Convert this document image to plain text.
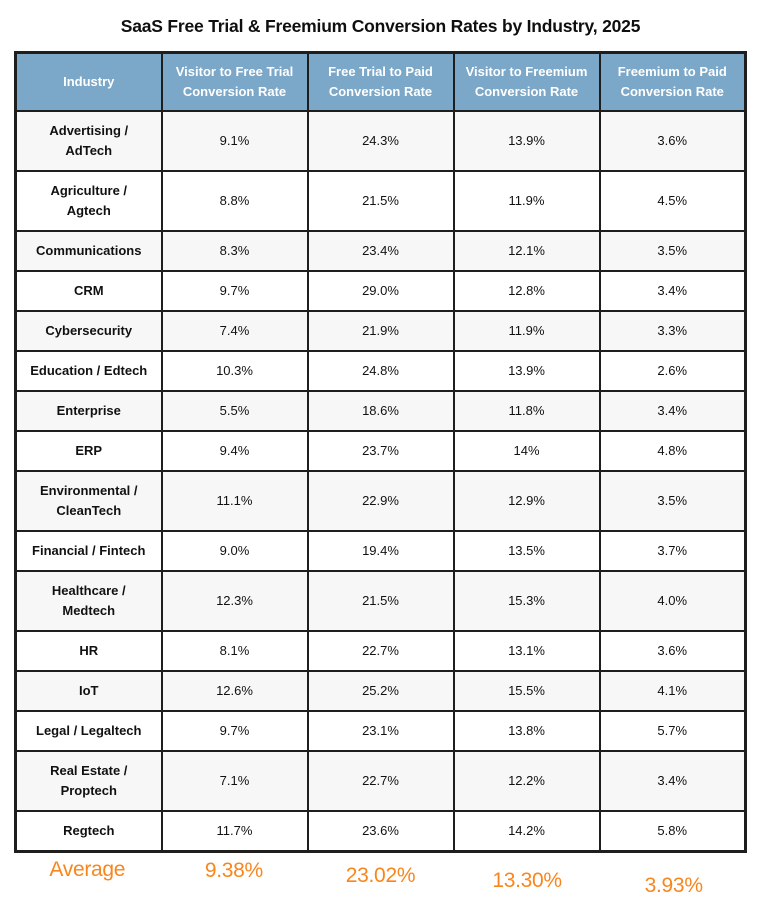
SaaS Free Trial & Freemium Conversion Rates by Industry, 2025
Industry	Visitor to Free Trial Conversion Rate	Free Trial to Paid Conversion Rate	Visitor to Freemium Conversion Rate	Freemium to Paid Conversion Rate
Advertising / AdTech	9.1%	24.3%	13.9%	3.6%
Agriculture / Agtech	8.8%	21.5%	11.9%	4.5%
Communications	8.3%	23.4%	12.1%	3.5%
CRM	9.7%	29.0%	12.8%	3.4%
Cybersecurity	7.4%	21.9%	11.9%	3.3%
Education / Edtech	10.3%	24.8%	13.9%	2.6%
Enterprise	5.5%	18.6%	11.8%	3.4%
ERP	9.4%	23.7%	14%	4.8%
Environmental / CleanTech	11.1%	22.9%	12.9%	3.5%
Financial / Fintech	9.0%	19.4%	13.5%	3.7%
Healthcare / Medtech	12.3%	21.5%	15.3%	4.0%
HR	8.1%	22.7%	13.1%	3.6%
IoT	12.6%	25.2%	15.5%	4.1%
Legal / Legaltech	9.7%	23.1%	13.8%	5.7%
Real Estate / Proptech	7.1%	22.7%	12.2%	3.4%
Regtech	11.7%	23.6%	14.2%	5.8%
Average	9.38%	23.02%	13.30%	3.93%
